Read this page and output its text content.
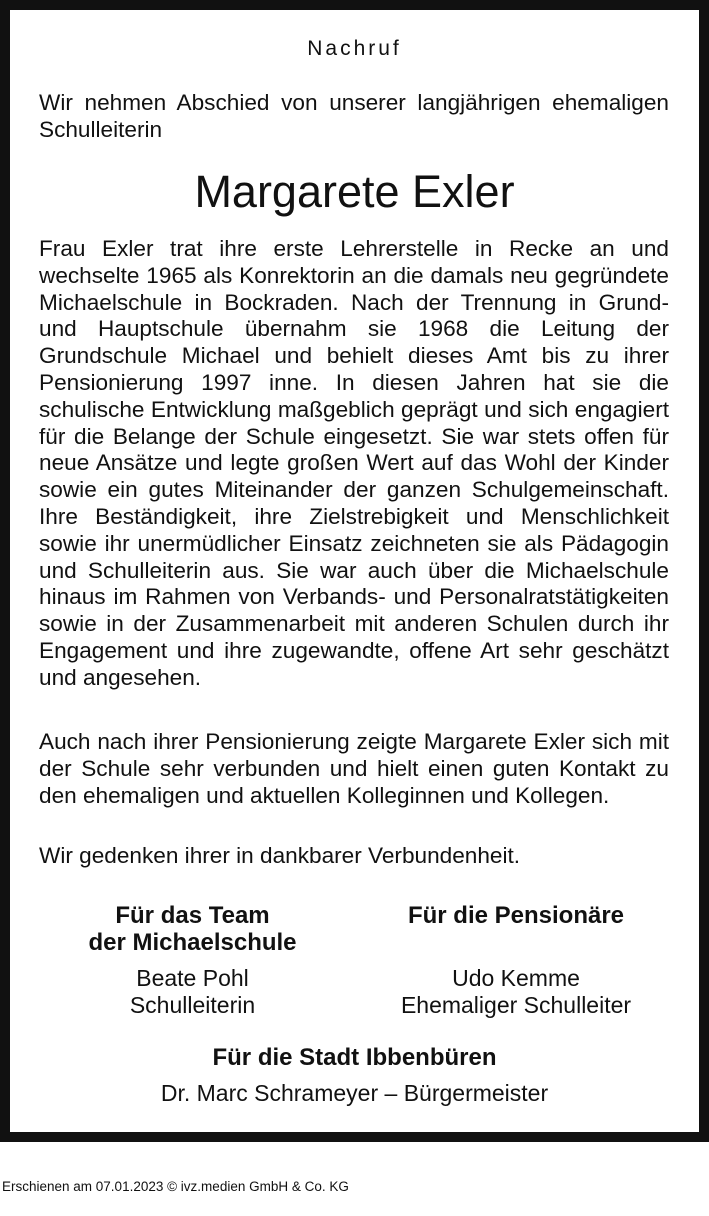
Nachruf

Wir nehmen Abschied von unserer langjährigen ehemaligen Schulleiterin

Margarete Exler

Frau Exler trat ihre erste Lehrerstelle in Recke an und wechselte 1965 als Konrektorin an die damals neu gegründete Michaelschule in Bockraden. Nach der Trennung in Grund- und Hauptschule übernahm sie 1968 die Leitung der Grundschule Michael und behielt dieses Amt bis zu ihrer Pensionierung 1997 inne. In diesen Jahren hat sie die schulische Entwicklung maßgeblich geprägt und sich engagiert für die Belange der Schule eingesetzt. Sie war stets offen für neue Ansätze und legte großen Wert auf das Wohl der Kinder sowie ein gutes Miteinander der ganzen Schulgemeinschaft. Ihre Beständigkeit, ihre Zielstrebigkeit und Menschlichkeit sowie ihr unermüdlicher Einsatz zeichneten sie als Pädagogin und Schulleiterin aus. Sie war auch über die Michaelschule hinaus im Rahmen von Verbands- und Personalratstätigkeiten sowie in der Zusammenarbeit mit anderen Schulen durch ihr Engagement und ihre zugewandte, offene Art sehr geschätzt und angesehen.

Auch nach ihrer Pensionierung zeigte Margarete Exler sich mit der Schule sehr verbunden und hielt einen guten Kontakt zu den ehemaligen und aktuellen Kolleginnen und Kollegen.

Wir gedenken ihrer in dankbarer Verbundenheit.

Für das Team
der Michaelschule
Beate Pohl
Schulleiterin
Für die Pensionäre
Udo Kemme
Ehemaliger Schulleiter
Für die Stadt Ibbenbüren
Dr. Marc Schrameyer – Bürgermeister
Erschienen am 07.01.2023 © ivz.medien GmbH & Co. KG
